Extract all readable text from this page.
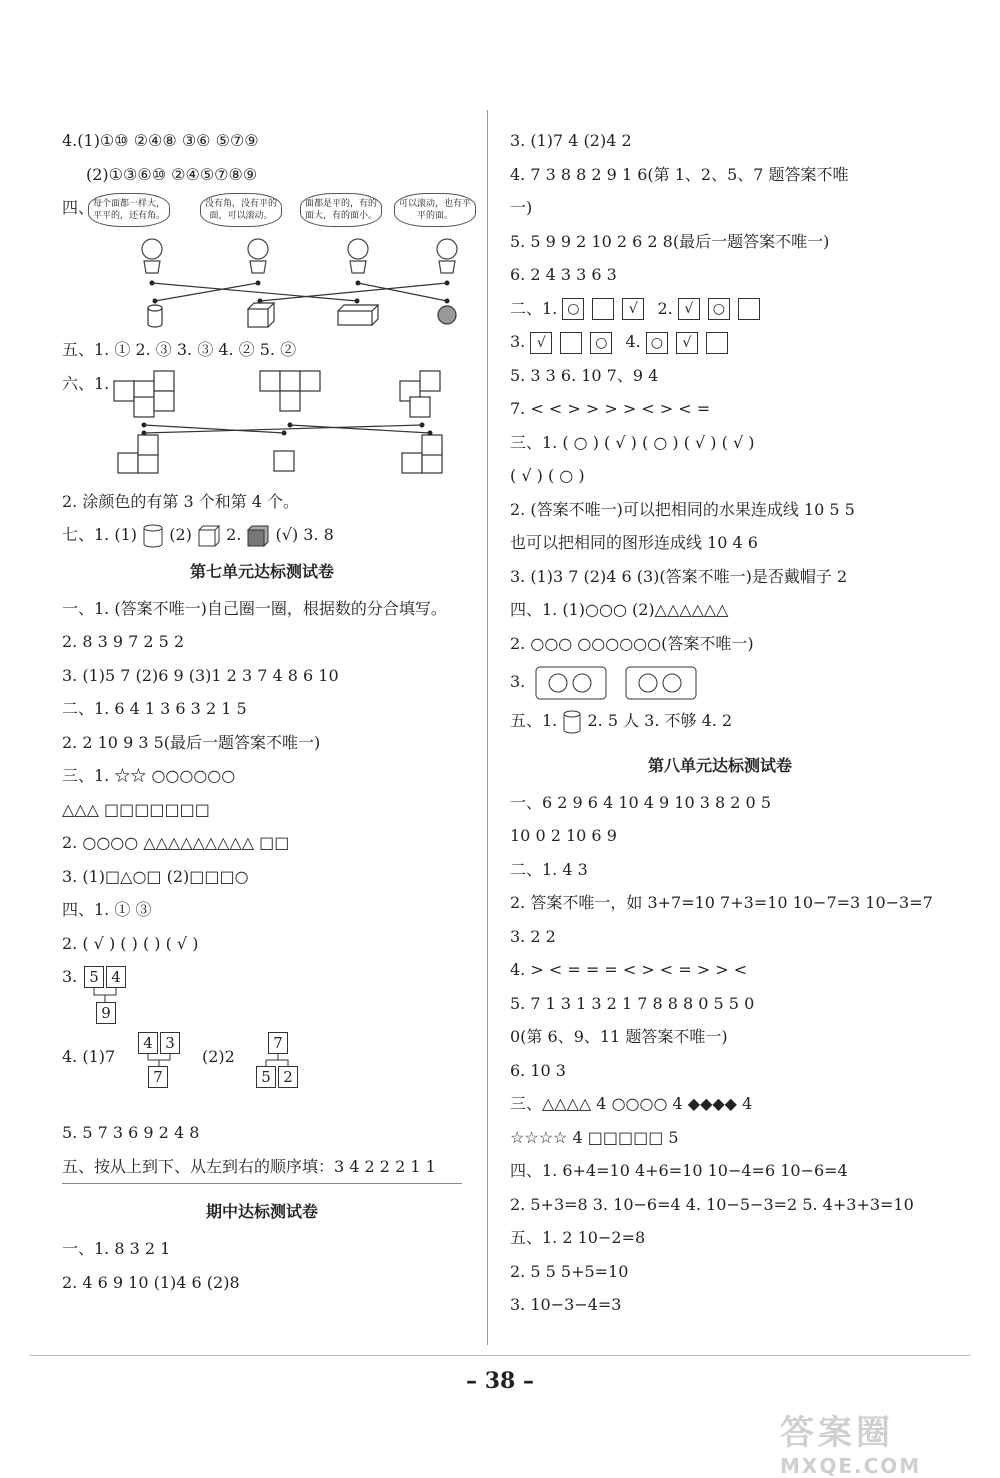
4.(1)①⑩ ②④⑧ ③⑥ ⑤⑦⑨
(2)①③⑥⑩ ②④⑤⑦⑧⑨
四、
每个面都一样大，平平的，还有角。
没有角，没有平的面，可以滚动。
面都是平的，有的面大，有的面小。
可以滚动，也有平平的面。
五、1. ① 2. ③ 3. ③ 4. ② 5. ②
六、1.
2. 涂颜色的有第 3 个和第 4 个。
七、1. (1) (2) 2. (√) 3. 8
第七单元达标测试卷
一、1. (答案不唯一)自己圈一圈，根据数的分合填写。
2. 8 3 9 7 2 5 2
3. (1)5 7 (2)6 9 (3)1 2 3 7 4 8 6 10
二、1. 6 4 1 3 6 3 2 1 5
2. 2 10 9 3 5(最后一题答案不唯一)
三、1. ☆☆ ○○○○○○
△△△ □□□□□□□
2. ○○○○ △△△△△△△△△ □□
3. (1)□△○□ (2)□□□○
四、1. ① ③
2. ( √ ) ( ) ( ) ( √ )
3. 5 4
9
4. (1)7
4 3
7
(2)2
7
5 2
5. 5 7 3 6 9 2 4 8
五、按从上到下、从左到右的顺序填：3 4 2 2 2 1 1
期中达标测试卷
一、1. 8 3 2 1
2. 4 6 9 10 (1)4 6 (2)8
3. (1)7 4 (2)4 2
4. 7 3 8 8 2 9 1 6(第 1、2、5、7 题答案不唯
一)
5. 5 9 9 2 10 2 6 2 8(最后一题答案不唯一)
6. 2 4 3 3 6 3
二、1. ○	√ 2. √ ○
3. √	○ 4. ○ √
5. 3 3 6. 10 7、9 4
7. < < > > > > < > < =
三、1. ( ○ ) ( √ ) ( ○ ) ( √ ) ( √ )
( √ ) ( ○ )
2. (答案不唯一)可以把相同的水果连成线 10 5 5
也可以把相同的图形连成线 10 4 6
3. (1)3 7 (2)4 6 (3)(答案不唯一)是否戴帽子 2
四、1. (1)○○○ (2)△△△△△△
2. ○○○ ○○○○○○(答案不唯一)
3.
五、1. 2. 5 人 3. 不够 4. 2
第八单元达标测试卷
一、6 2 9 6 4 10 4 9 10 3 8 2 0 5
10 0 2 10 6 9
二、1. 4 3
2. 答案不唯一，如 3+7=10 7+3=10 10−7=3 10−3=7
3. 2 2
4. > < = = = < > < = > > <
5. 7 1 3 1 3 2 1 7 8 8 8 0 5 5 0
0(第 6、9、11 题答案不唯一)
6. 10 3
三、△△△△ 4 ○○○○ 4 ◆◆◆◆ 4
☆☆☆☆ 4 □□□□□ 5
四、1. 6+4=10 4+6=10 10−4=6 10−6=4
2. 5+3=8 3. 10−6=4 4. 10−5−3=2 5. 4+3+3=10
五、1. 2 10−2=8
2. 5 5 5+5=10
3. 10−3−4=3
– 38 –
答案圈
MXQE.COM
